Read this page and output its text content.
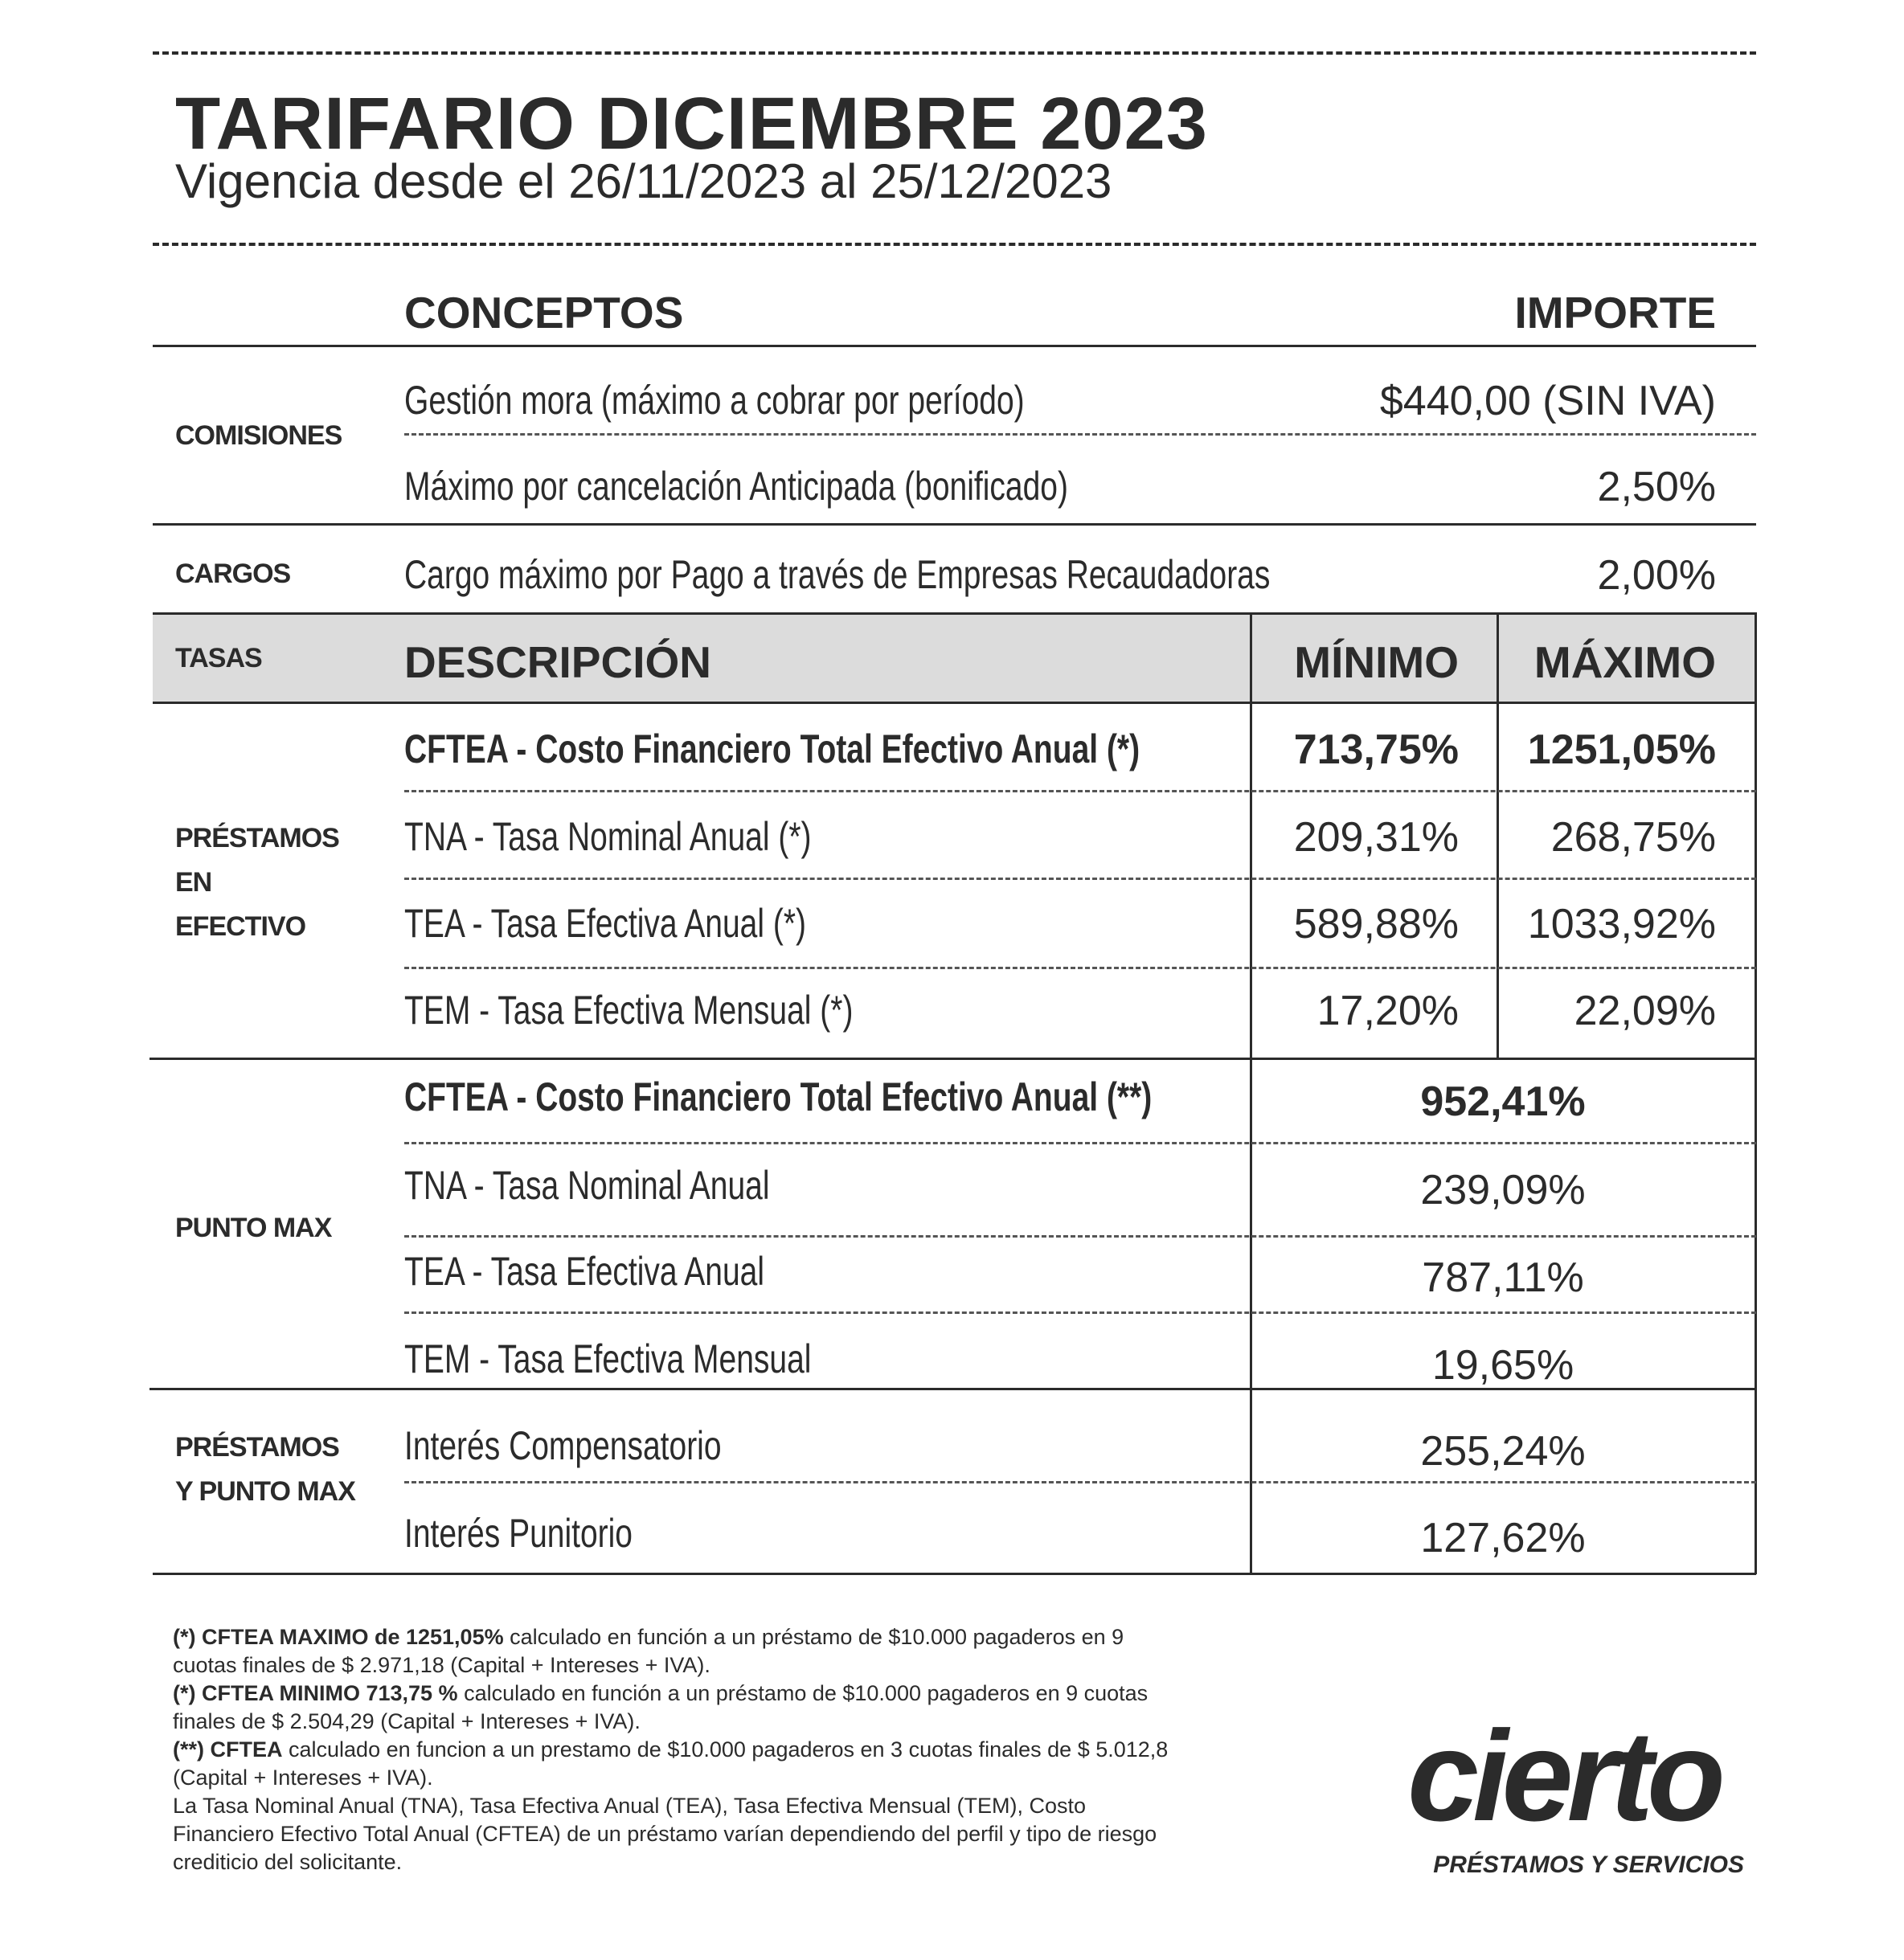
TARIFARIO DICIEMBRE 2023
Vigencia desde el 26/11/2023 al 25/12/2023
CONCEPTOS	IMPORTE
COMISIONES
Gestión mora (máximo a cobrar por período)	$440,00 (SIN IVA)
Máximo por cancelación Anticipada (bonificado)	2,50%
CARGOS	Cargo máximo por Pago a través de Empresas Recaudadoras	2,00%
TASAS	DESCRIPCIÓN	MÍNIMO	MÁXIMO
PRÉSTAMOS
EN
EFECTIVO
CFTEA - Costo Financiero Total Efectivo Anual (*)	713,75%	1251,05%
TNA - Tasa Nominal Anual (*)	209,31%	268,75%
TEA - Tasa Efectiva Anual (*)	589,88%	1033,92%
TEM - Tasa Efectiva Mensual (*)	17,20%	22,09%
PUNTO MAX
CFTEA - Costo Financiero Total Efectivo Anual (**)	952,41%
TNA - Tasa Nominal Anual	239,09%
TEA - Tasa Efectiva Anual	787,11%
TEM - Tasa Efectiva Mensual	19,65%
PRÉSTAMOS
Y PUNTO MAX
Interés Compensatorio	255,24%
Interés Punitorio	127,62%

(*) CFTEA MAXIMO de 1251,05% calculado en función a un préstamo de $10.000 pagaderos en 9 cuotas finales de $ 2.971,18 (Capital + Intereses + IVA).

(*) CFTEA MINIMO 713,75 % calculado en función a un préstamo de $10.000 pagaderos en 9 cuotas finales de $ 2.504,29 (Capital + Intereses + IVA).

(**) CFTEA calculado en funcion a un prestamo de $10.000 pagaderos en 3 cuotas finales de $ 5.012,8 (Capital + Intereses + IVA).

La Tasa Nominal Anual (TNA), Tasa Efectiva Anual (TEA), Tasa Efectiva Mensual (TEM), Costo Financiero Efectivo Total Anual (CFTEA) de un préstamo varían dependiendo del perfil y tipo de riesgo crediticio del solicitante.

cierto
PRÉSTAMOS Y SERVICIOS
